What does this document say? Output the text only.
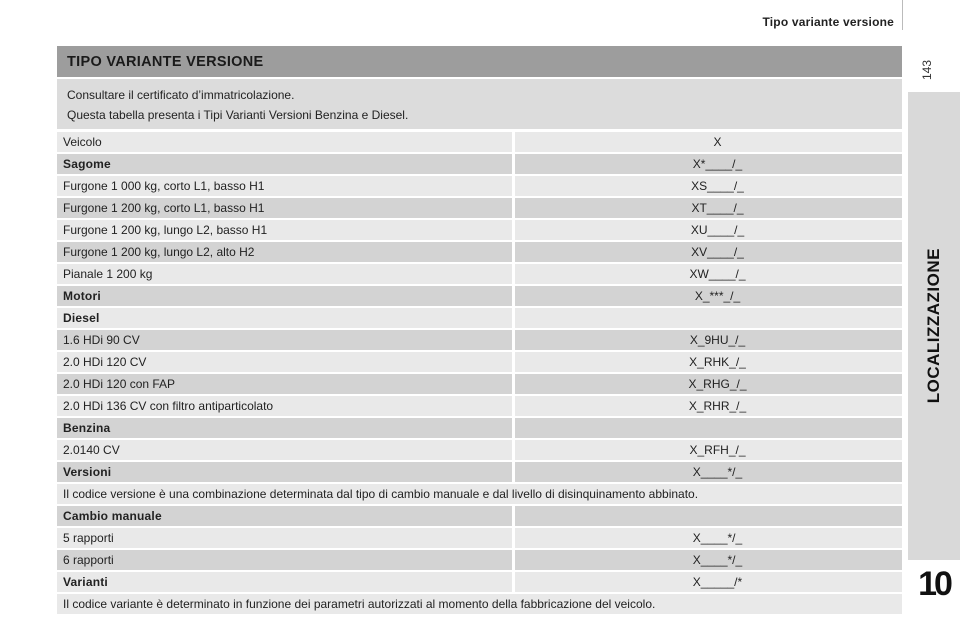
Tipo variante versione
143
LOCALIZZAZIONE
10
TIPO VARIANTE VERSIONE

Consultare il certificato d’immatricolazione.

Questa tabella presenta i Tipi Varianti Versioni Benzina e Diesel.

Veicolo	X
Sagome	X*____/_
Furgone 1 000 kg, corto L1, basso H1	XS____/_
Furgone 1 200 kg, corto L1, basso H1	XT____/_
Furgone 1 200 kg, lungo L2, basso H1	XU____/_
Furgone 1 200 kg, lungo L2, alto H2	XV____/_
Pianale 1 200 kg	XW____/_
Motori	X_***_/_
Diesel
1.6 HDi 90 CV	X_9HU_/_
2.0 HDi 120 CV	X_RHK_/_
2.0 HDi 120 con FAP	X_RHG_/_
2.0 HDi 136 CV con filtro antiparticolato	X_RHR_/_
Benzina
2.0140 CV	X_RFH_/_
Versioni	X____*/_
Il codice versione è una combinazione determinata dal tipo di cambio manuale e dal livello di disinquinamento abbinato.
Cambio manuale
5 rapporti	X____*/_
6 rapporti	X____*/_
Varianti	X_____/*
Il codice variante è determinato in funzione dei parametri autorizzati al momento della fabbricazione del veicolo.
